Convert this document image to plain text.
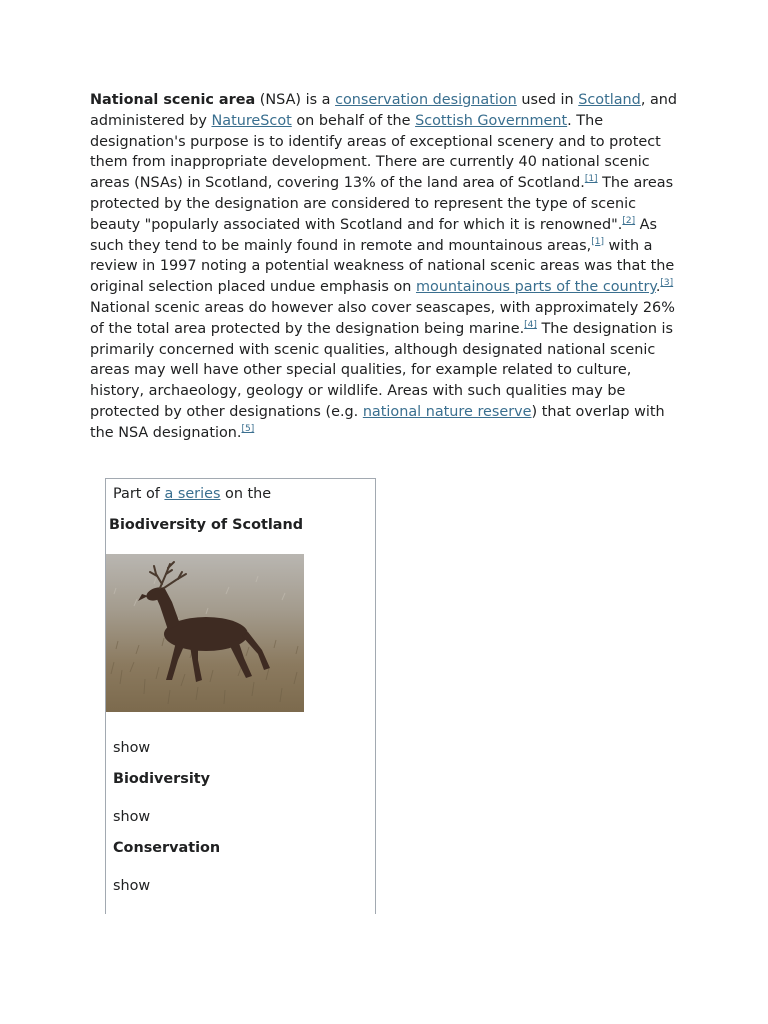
National scenic area (NSA) is a conservation designation used in Scotland, and administered by NatureScot on behalf of the Scottish Government. The designation's purpose is to identify areas of exceptional scenery and to protect them from inappropriate development. There are currently 40 national scenic areas (NSAs) in Scotland, covering 13% of the land area of Scotland.[1] The areas protected by the designation are considered to represent the type of scenic beauty "popularly associated with Scotland and for which it is renowned".[2] As such they tend to be mainly found in remote and mountainous areas,[1] with a review in 1997 noting a potential weakness of national scenic areas was that the original selection placed undue emphasis on mountainous parts of the country.[3] National scenic areas do however also cover seascapes, with approximately 26% of the total area protected by the designation being marine.[4] The designation is primarily concerned with scenic qualities, although designated national scenic areas may well have other special qualities, for example related to culture, history, archaeology, geology or wildlife. Areas with such qualities may be protected by other designations (e.g. national nature reserve) that overlap with the NSA designation.[5]

Part of a series on the
Biodiversity of Scotland
show
Biodiversity
show
Conservation
show
